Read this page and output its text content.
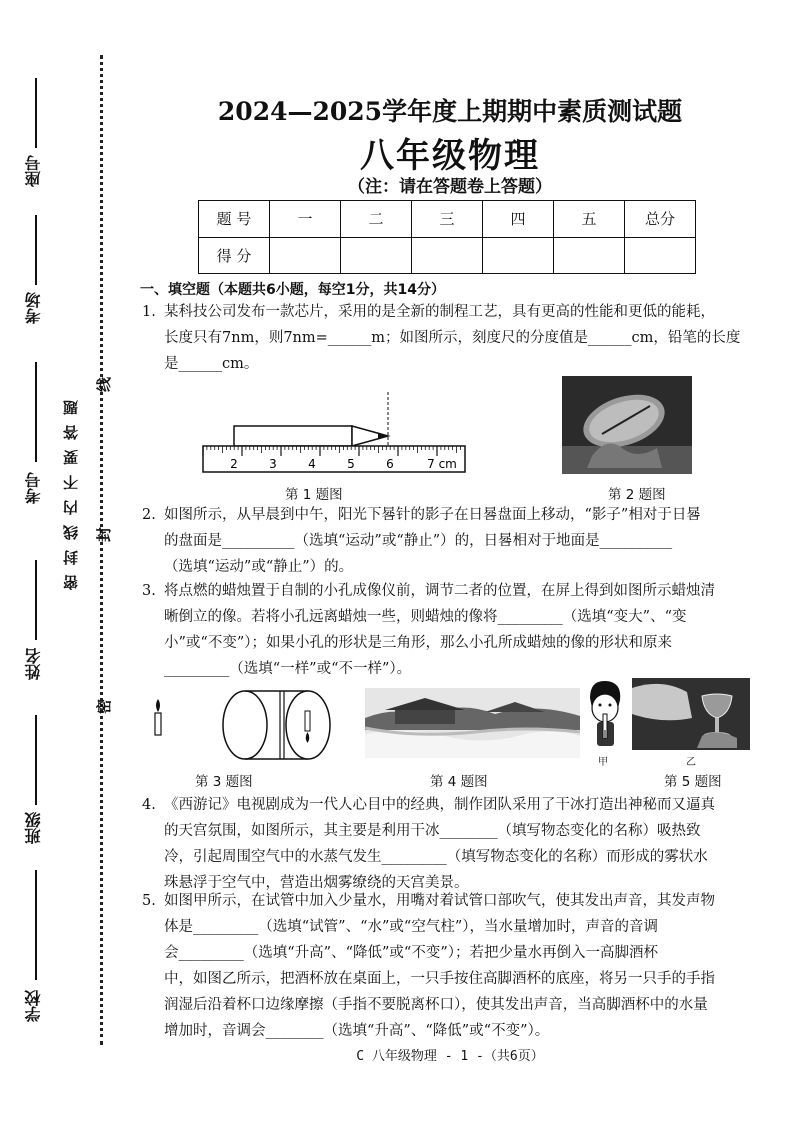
座号
考场
考号
姓名
班级
学校
密封线内不要答题
线
封
密
2024—2025学年度上期期中素质测试题
八年级物理
（注：请在答题卷上答题）
题 号	一	二	三	四	五	总分
得 分						
一、填空题（本题共6小题，每空1分，共14分）
1. 某科技公司发布一款芯片，采用的是全新的制程工艺，具有更高的性能和更低的能耗，
长度只有7nm，则7nm=______m；如图所示，刻度尺的分度值是______cm，铅笔的长度
是______cm。
2	3	4	5	6	7 cm
第 1 题图	第 2 题图
2. 如图所示，从早晨到中午，阳光下晷针的影子在日晷盘面上移动，“影子”相对于日晷
的盘面是__________（选填“运动”或“静止”）的，日晷相对于地面是__________
（选填“运动”或“静止”）的。
3. 将点燃的蜡烛置于自制的小孔成像仪前，调节二者的位置，在屏上得到如图所示蜡烛清
晰倒立的像。若将小孔远离蜡烛一些，则蜡烛的像将_________（选填“变大”、“变
小”或“不变”）；如果小孔的形状是三角形，那么小孔所成蜡烛的像的形状和原来
_________（选填“一样”或“不一样”）。
第 3 题图	第 4 题图
甲	乙
第 5 题图
4. 《西游记》电视剧成为一代人心目中的经典，制作团队采用了干冰打造出神秘而又逼真
的天宫氛围，如图所示，其主要是利用干冰________（填写物态变化的名称）吸热致
冷，引起周围空气中的水蒸气发生_________（填写物态变化的名称）而形成的雾状水
珠悬浮于空气中，营造出烟雾缭绕的天宫美景。
5. 如图甲所示，在试管中加入少量水，用嘴对着试管口部吹气，使其发出声音，其发声物
体是_________（选填“试管”、“水”或“空气柱”），当水量增加时，声音的音调
会_________（选填“升高”、“降低”或“不变”）；若把少量水再倒入一高脚酒杯
中，如图乙所示，把酒杯放在桌面上，一只手按住高脚酒杯的底座，将另一只手的手指
润湿后沿着杯口边缘摩擦（手指不要脱离杯口），使其发出声音，当高脚酒杯中的水量
增加时，音调会________（选填“升高”、“降低”或“不变”）。
C 八年级物理 - 1 -（共6页）
